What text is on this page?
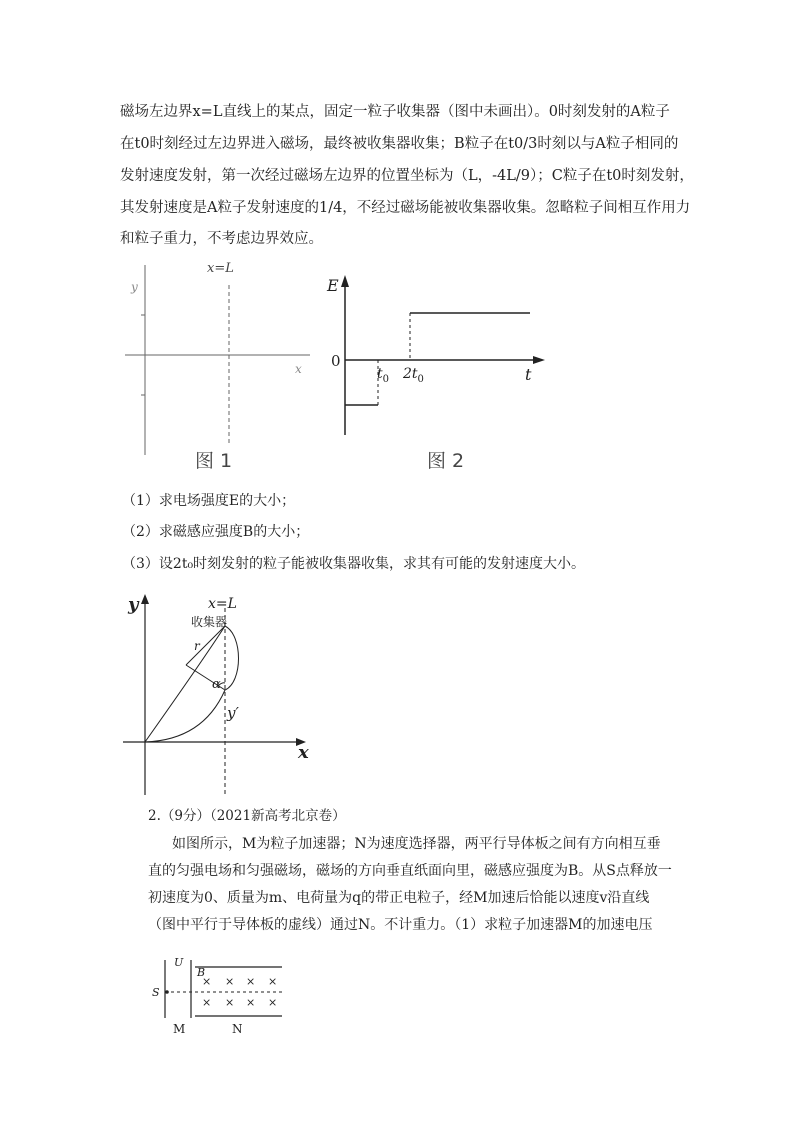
磁场左边界x=L直线上的某点，固定一粒子收集器（图中未画出）。0时刻发射的A粒子
在t0时刻经过左边界进入磁场，最终被收集器收集；B粒子在t0/3时刻以与A粒子相同的
发射速度发射，第一次经过磁场左边界的位置坐标为（L，-4L/9）；C粒子在t0时刻发射，
其发射速度是A粒子发射速度的1/4，不经过磁场能被收集器收集。忽略粒子间相互作用力
和粒子重力，不考虑边界效应。
x=L
y
x
图 1
E
0
$t_0$ $2t_0$	t
图 2
（1）求电场强度E的大小；
（2）求磁感应强度B的大小；
（3）设2t₀时刻发射的粒子能被收集器收集，求其有可能的发射速度大小。
y
x
x=L
收集器
r
α
y′
2.（9分）（2021新高考北京卷）
如图所示，M为粒子加速器；N为速度选择器，两平行导体板之间有方向相互垂
直的匀强电场和匀强磁场，磁场的方向垂直纸面向里，磁感应强度为B。从S点释放一
初速度为0、质量为m、电荷量为q的带正电粒子，经M加速后恰能以速度v沿直线
（图中平行于导体板的虚线）通过N。不计重力。（1）求粒子加速器M的加速电压
U
B
S
M	N
× × × ×
× × × ×
